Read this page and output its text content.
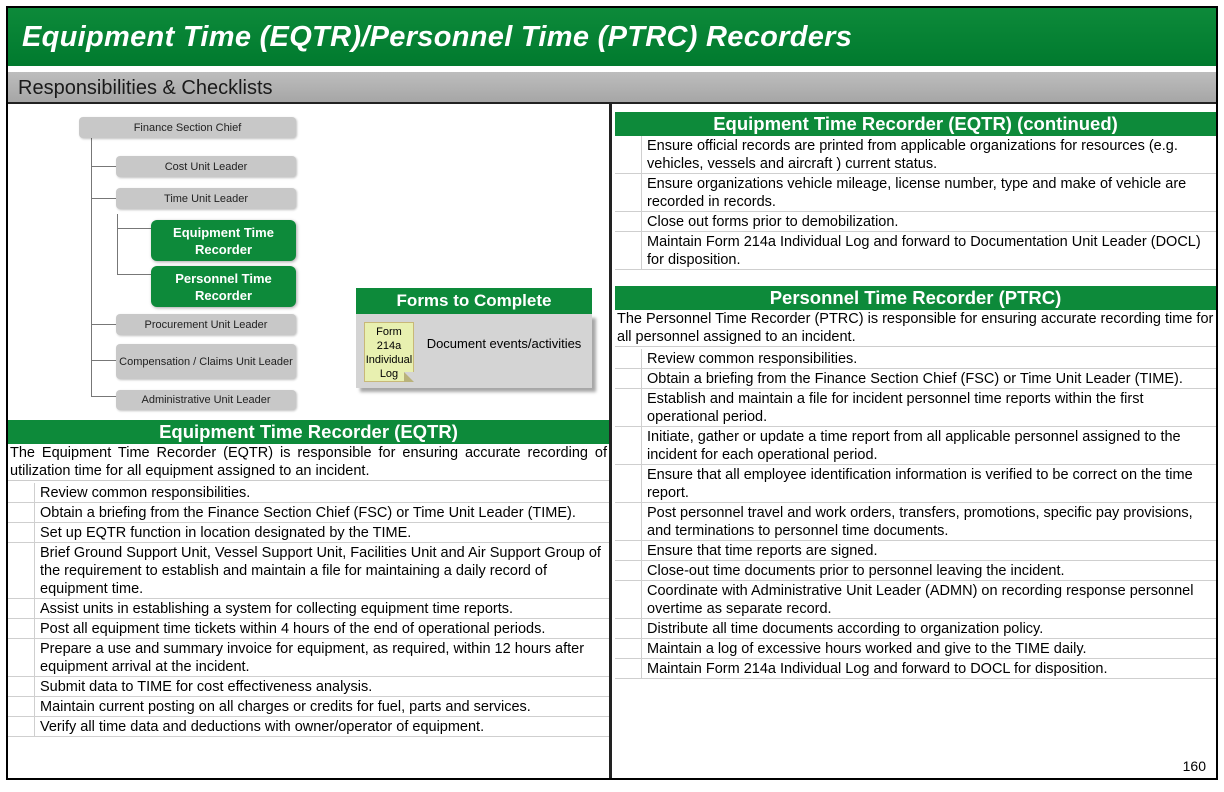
Equipment Time (EQTR)/Personnel Time (PTRC) Recorders
Responsibilities & Checklists
Finance Section Chief
Cost Unit Leader
Time Unit Leader
Equipment Time Recorder
Personnel Time Recorder
Procurement Unit Leader
Compensation / Claims Unit Leader
Administrative Unit Leader
Forms to Complete
Form 214a Individual Log
Document events/activities
Equipment Time Recorder (EQTR)
The Equipment Time Recorder (EQTR) is responsible for ensuring accurate recording of utilization time for all equipment assigned to an incident.
Review common responsibilities.
Obtain a briefing from the Finance Section Chief (FSC) or Time Unit Leader (TIME).
Set up EQTR function in location designated by the TIME.
Brief Ground Support Unit, Vessel Support Unit, Facilities Unit and Air Support Group of the requirement to establish and maintain a file for maintaining a daily record of equipment time.
Assist units in establishing a system for collecting equipment time reports.
Post all equipment time tickets within 4 hours of the end of operational periods.
Prepare a use and summary invoice for equipment, as required, within 12 hours after equipment arrival at the incident.
Submit data to TIME for cost effectiveness analysis.
Maintain current posting on all charges or credits for fuel, parts and services.
Verify all time data and deductions with owner/operator of equipment.
Equipment Time Recorder (EQTR) (continued)
Ensure official records are printed from applicable organizations for resources (e.g. vehicles, vessels and aircraft ) current status.
Ensure organizations vehicle mileage, license number, type and make of vehicle are recorded in records.
Close out forms prior to demobilization.
Maintain Form 214a Individual Log and forward to Documentation Unit Leader (DOCL) for disposition.
Personnel Time Recorder (PTRC)
The Personnel Time Recorder (PTRC) is responsible for ensuring accurate recording time for all personnel assigned to an incident.
Review common responsibilities.
Obtain a briefing from the Finance Section Chief (FSC) or Time Unit Leader (TIME).
Establish and maintain a file for incident personnel time reports within the first operational period.
Initiate, gather or update a time report from all applicable personnel assigned to the incident for each operational period.
Ensure that all employee identification information is verified to be correct on the time report.
Post personnel travel and work orders, transfers, promotions, specific pay provisions, and terminations to personnel time documents.
Ensure that time reports are signed.
Close-out time documents prior to personnel leaving the incident.
Coordinate with Administrative Unit Leader (ADMN) on recording response personnel overtime as separate record.
Distribute all time documents according to organization policy.
Maintain a log of excessive hours worked and give to the TIME daily.
Maintain Form 214a Individual Log and forward to DOCL for disposition.
160
